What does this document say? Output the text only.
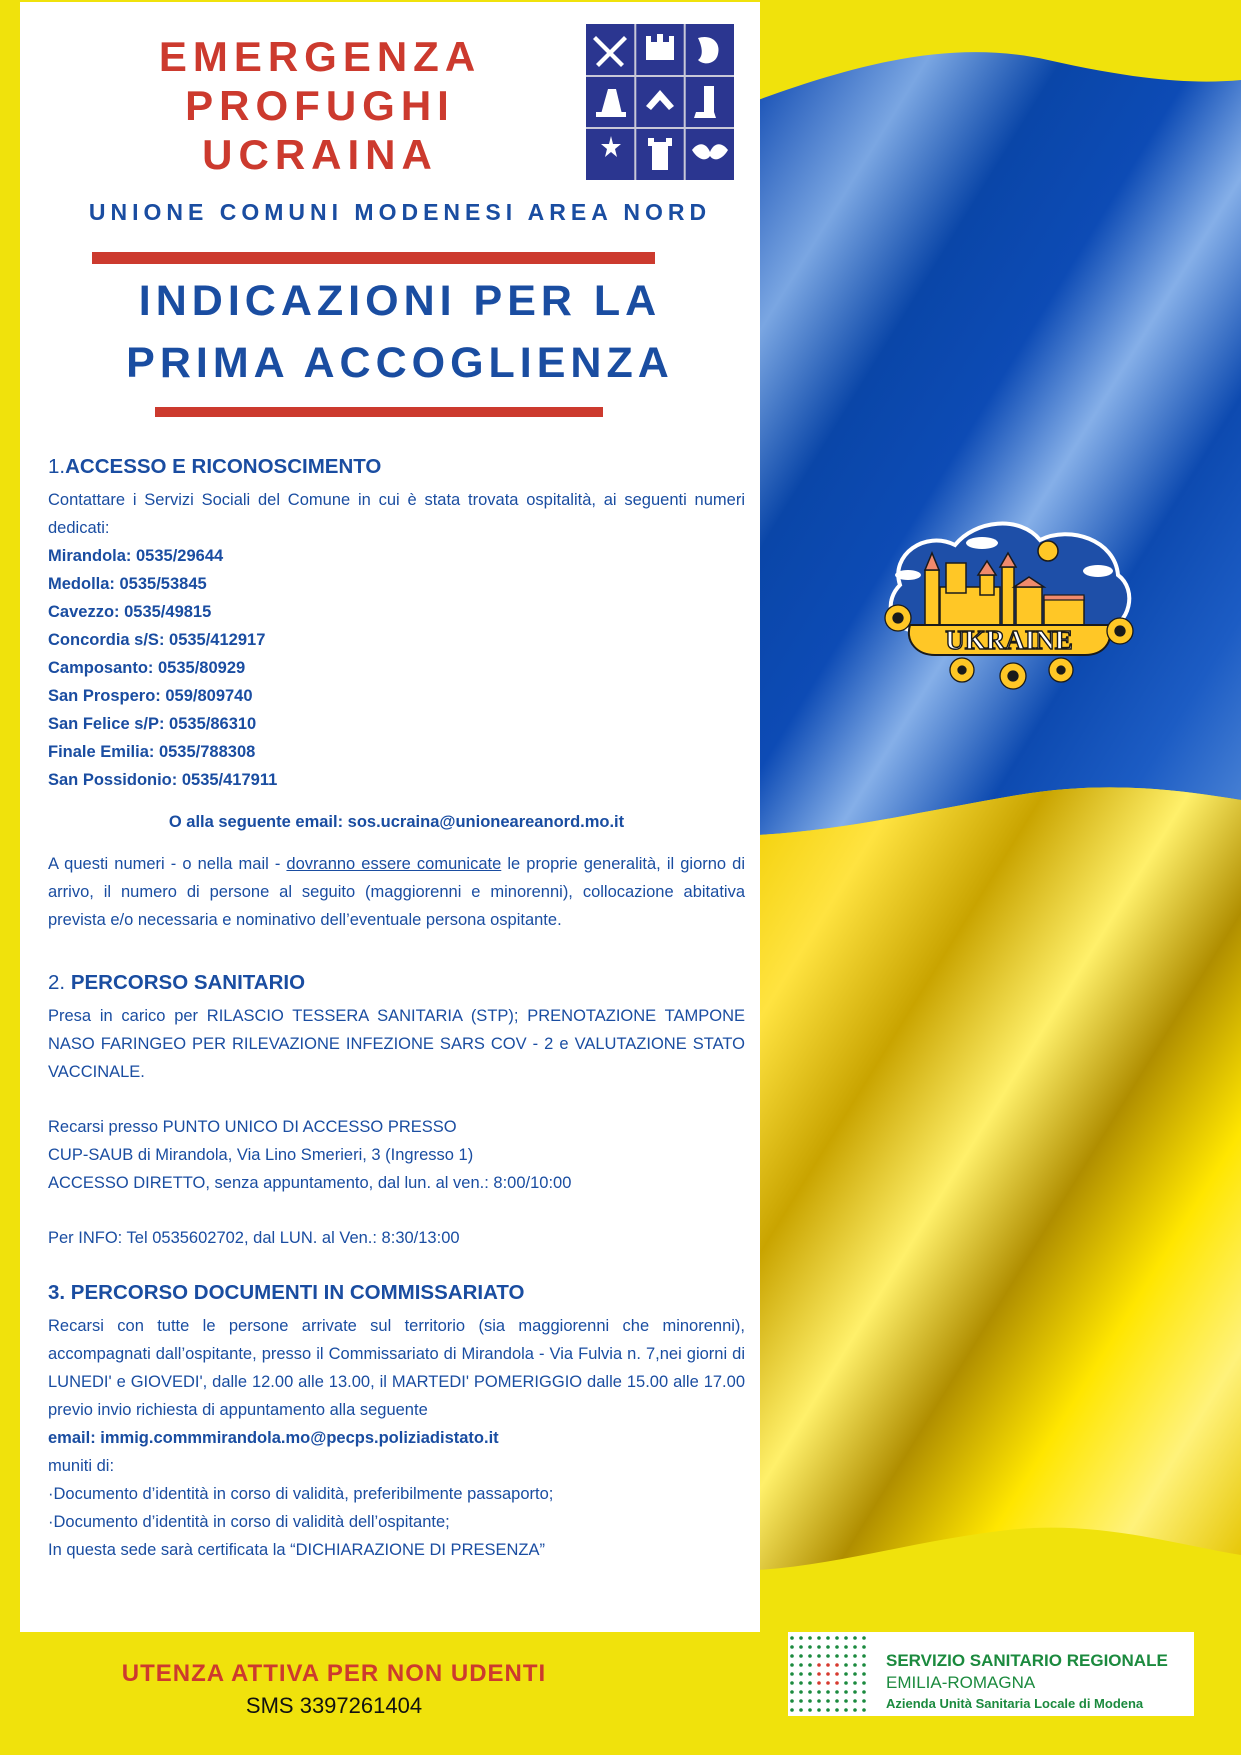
UKRAINE
EMERGENZA
PROFUGHI
UCRAINA
UNIONE COMUNI MODENESI AREA NORD
INDICAZIONI PER LA
PRIMA ACCOGLIENZA
1.ACCESSO E RICONOSCIMENTO

Contattare i Servizi Sociali del Comune in cui è stata trovata ospitalità, ai seguenti numeri dedicati:

Mirandola: 0535/29644
Medolla: 0535/53845
Cavezzo: 0535/49815
Concordia s/S: 0535/412917
Camposanto: 0535/80929
San Prospero: 059/809740
San Felice s/P: 0535/86310
Finale Emilia: 0535/788308
San Possidonio: 0535/417911

O alla seguente email: sos.ucraina@unioneareanord.mo.it

A questi numeri - o nella mail - dovranno essere comunicate le proprie generalità, il giorno di arrivo, il numero di persone al seguito (maggiorenni e minorenni), collocazione abitativa prevista e/o necessaria e nominativo dell’eventuale persona ospitante.

2. PERCORSO SANITARIO

Presa in carico per RILASCIO TESSERA SANITARIA (STP); PRENOTAZIONE TAMPONE NASO FARINGEO PER RILEVAZIONE INFEZIONE SARS COV - 2 e VALUTAZIONE STATO VACCINALE.

Recarsi presso PUNTO UNICO DI ACCESSO PRESSO
CUP-SAUB di Mirandola, Via Lino Smerieri, 3 (Ingresso 1)
ACCESSO DIRETTO, senza appuntamento, dal lun. al ven.: 8:00/10:00

Per INFO: Tel 0535602702, dal LUN. al Ven.: 8:30/13:00

3. PERCORSO DOCUMENTI IN COMMISSARIATO

Recarsi con tutte le persone arrivate sul territorio (sia maggiorenni che minorenni), accompagnati dall’ospitante, presso il Commissariato di Mirandola - Via Fulvia n. 7,nei giorni di LUNEDI' e GIOVEDI', dalle 12.00 alle 13.00, il MARTEDI' POMERIGGIO dalle 15.00 alle 17.00 previo invio richiesta di appuntamento alla seguente

email: immig.commmirandola.mo@pecps.poliziadistato.it

muniti di:

·Documento d’identità in corso di validità, preferibilmente passaporto;

·Documento d’identità in corso di validità dell’ospitante;

In questa sede sarà certificata la “DICHIARAZIONE DI PRESENZA”

UTENZA ATTIVA PER NON UDENTI
SMS 3397261404
SERVIZIO SANITARIO REGIONALE
EMILIA-ROMAGNA
Azienda Unità Sanitaria Locale di Modena
